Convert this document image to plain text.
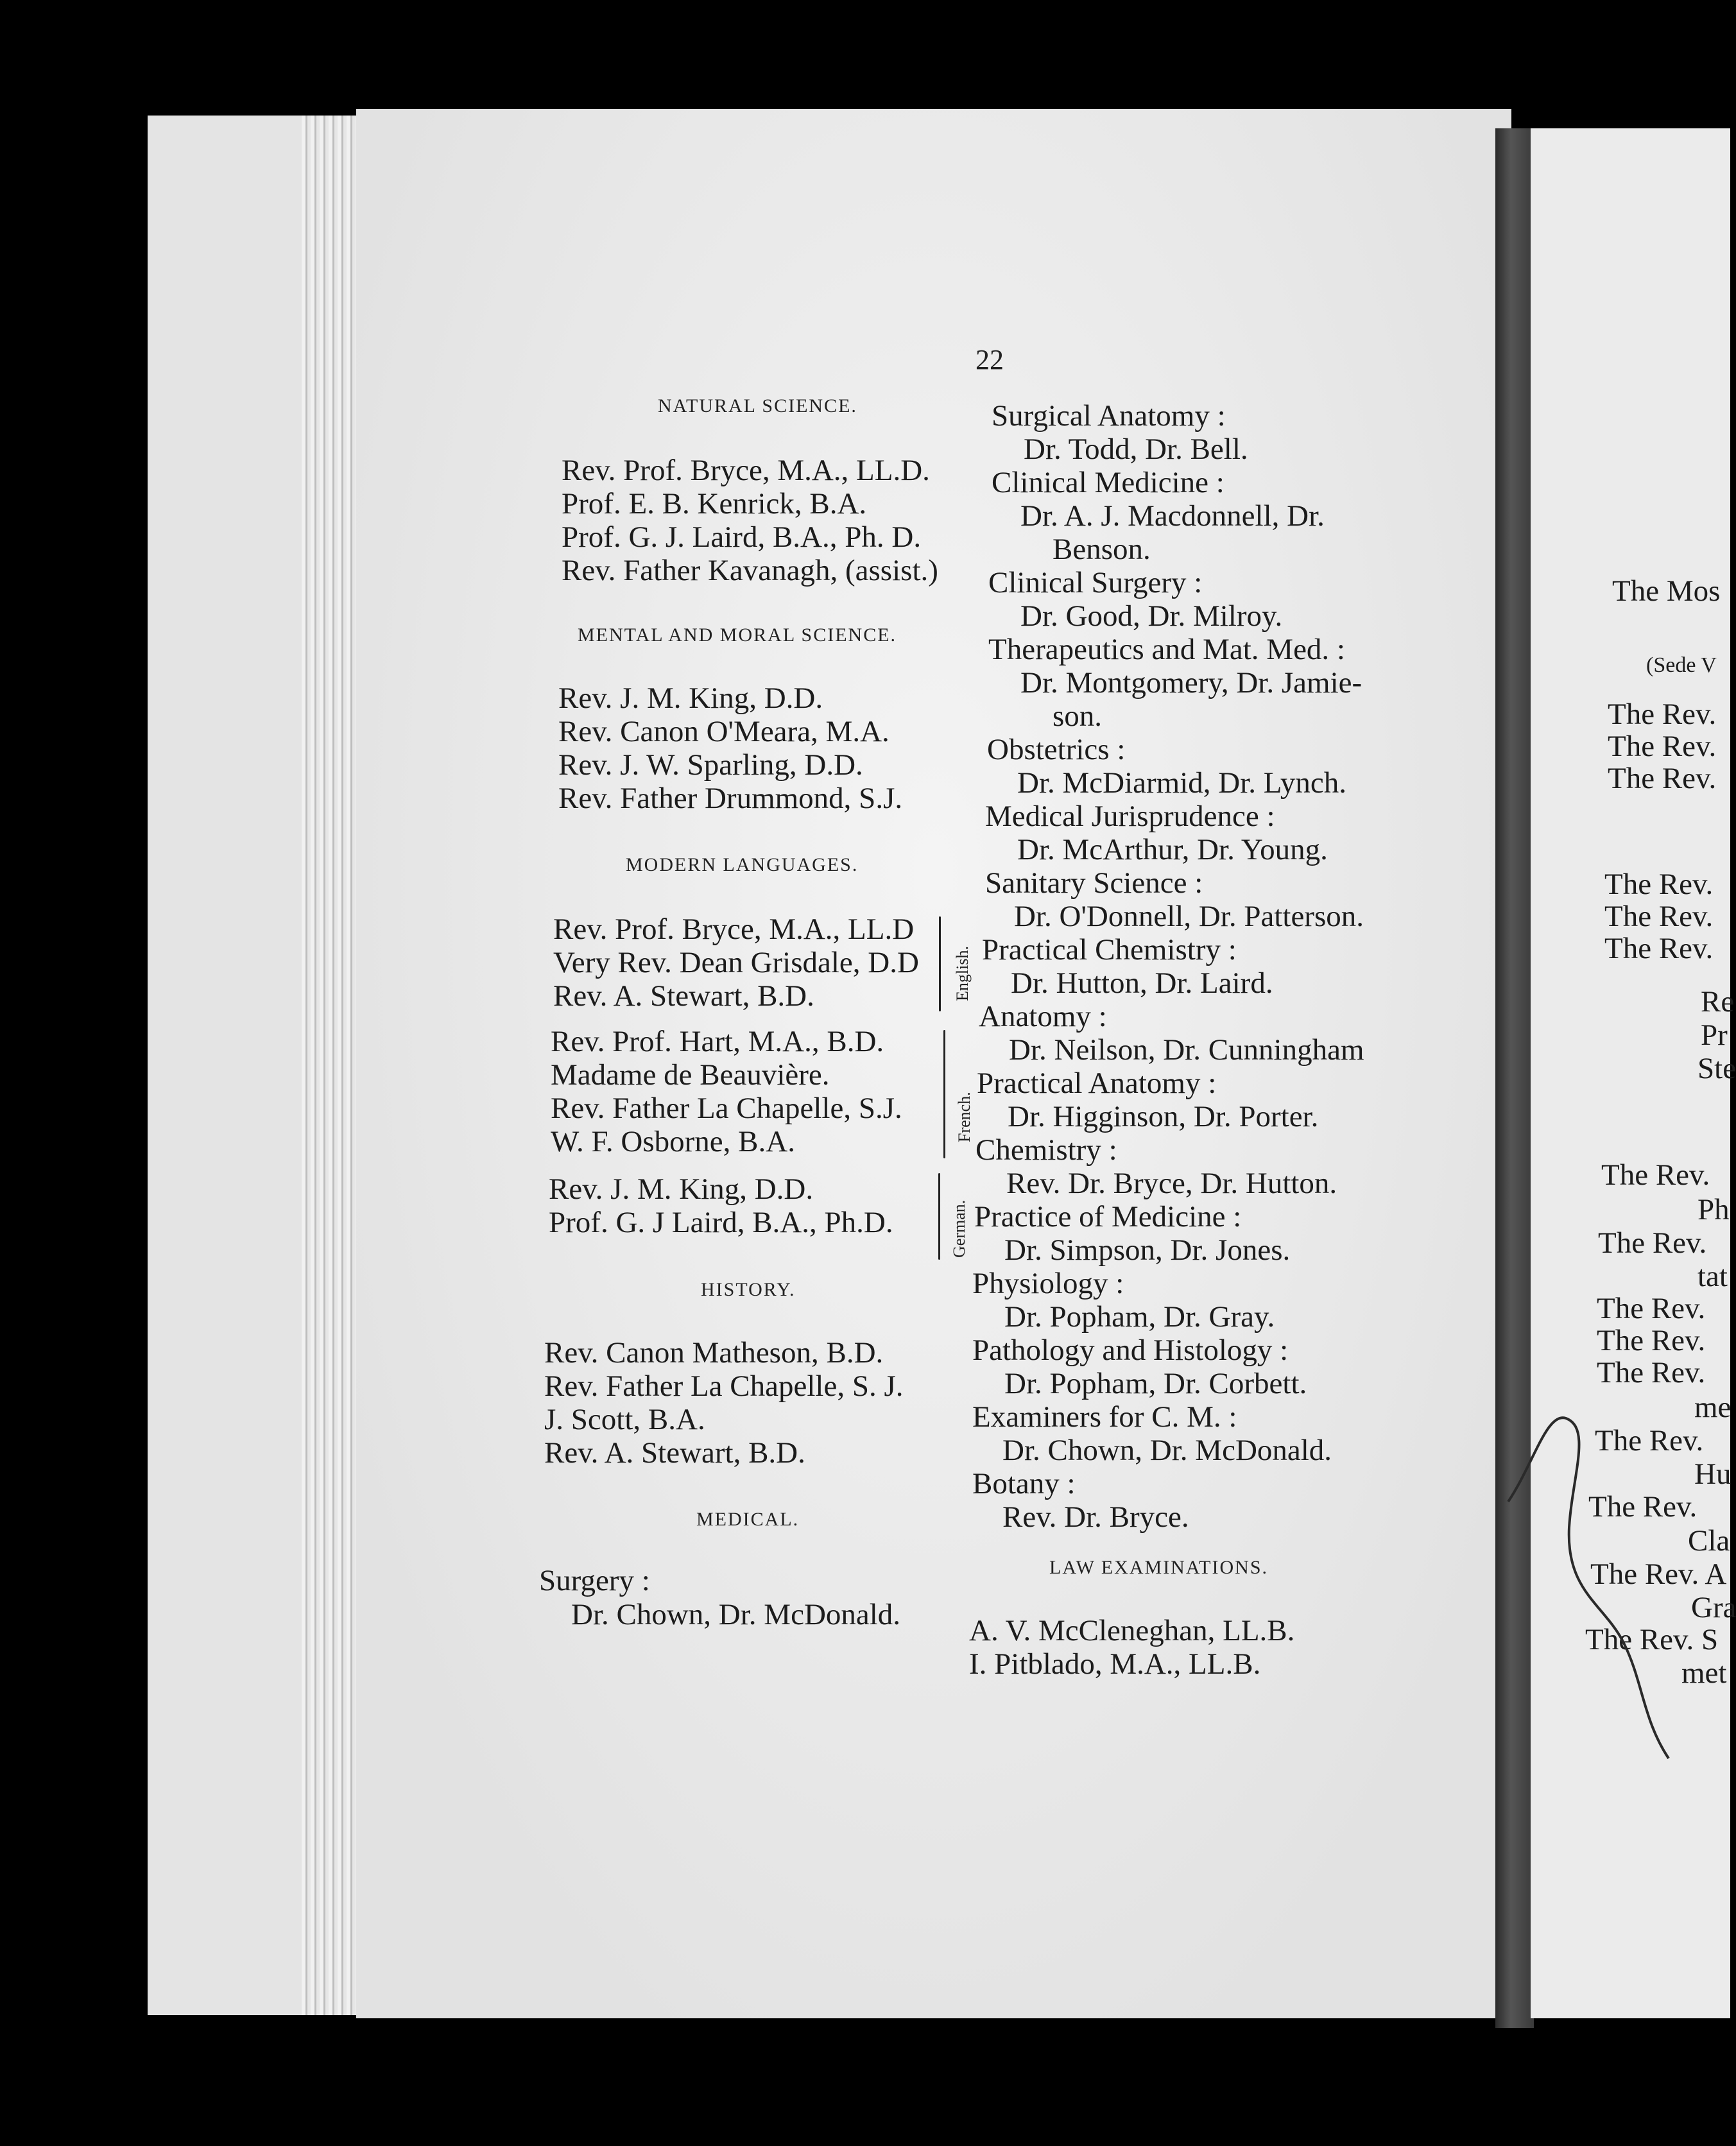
22
NATURAL SCIENCE.
Rev. Prof. Bryce, M.A., LL.D.
Prof. E. B. Kenrick, B.A.
Prof. G. J. Laird, B.A., Ph. D.
Rev. Father Kavanagh, (assist.)
MENTAL AND MORAL SCIENCE.
Rev. J. M. King, D.D.
Rev. Canon O'Meara, M.A.
Rev. J. W. Sparling, D.D.
Rev. Father Drummond, S.J.
MODERN LANGUAGES.
Rev. Prof. Bryce, M.A., LL.D
Very Rev. Dean Grisdale, D.D
Rev. A. Stewart, B.D.	English.
Rev. Prof. Hart, M.A., B.D.
Madame de Beauvière.
Rev. Father La Chapelle, S.J.
W. F. Osborne, B.A.	French.
Rev. J. M. King, D.D.
Prof. G. J Laird, B.A., Ph.D.	German.
HISTORY.
Rev. Canon Matheson, B.D.
Rev. Father La Chapelle, S. J.
J. Scott, B.A.
Rev. A. Stewart, B.D.
MEDICAL.
Surgery :
Dr. Chown, Dr. McDonald.
Surgical Anatomy :
Dr. Todd, Dr. Bell.
Clinical Medicine :
Dr. A. J. Macdonnell, Dr.
Benson.
Clinical Surgery :
Dr. Good, Dr. Milroy.
Therapeutics and Mat. Med. :
Dr. Montgomery, Dr. Jamie-
son.
Obstetrics :
Dr. McDiarmid, Dr. Lynch.
Medical Jurisprudence :
Dr. McArthur, Dr. Young.
Sanitary Science :
Dr. O'Donnell, Dr. Patterson.
Practical Chemistry :
Dr. Hutton, Dr. Laird.
Anatomy :
Dr. Neilson, Dr. Cunningham
Practical Anatomy :
Dr. Higginson, Dr. Porter.
Chemistry :
Rev. Dr. Bryce, Dr. Hutton.
Practice of Medicine :
Dr. Simpson, Dr. Jones.
Physiology :
Dr. Popham, Dr. Gray.
Pathology and Histology :
Dr. Popham, Dr. Corbett.
Examiners for C. M. :
Dr. Chown, Dr. McDonald.
Botany :
Rev. Dr. Bryce.
LAW EXAMINATIONS.
A. V. McCleneghan, LL.B.
I. Pitblado, M.A., LL.B.
The Mos
(Sede V
The Rev.
The Rev.
The Rev.
The Rev.
The Rev.
The Rev.
Re
Pr
Ste
The Rev.
Ph
The Rev.
tat
The Rev.
The Rev.
The Rev.
me
The Rev.
Hu
The Rev.
Cla
The Rev. A
Gra
The Rev. S
met
